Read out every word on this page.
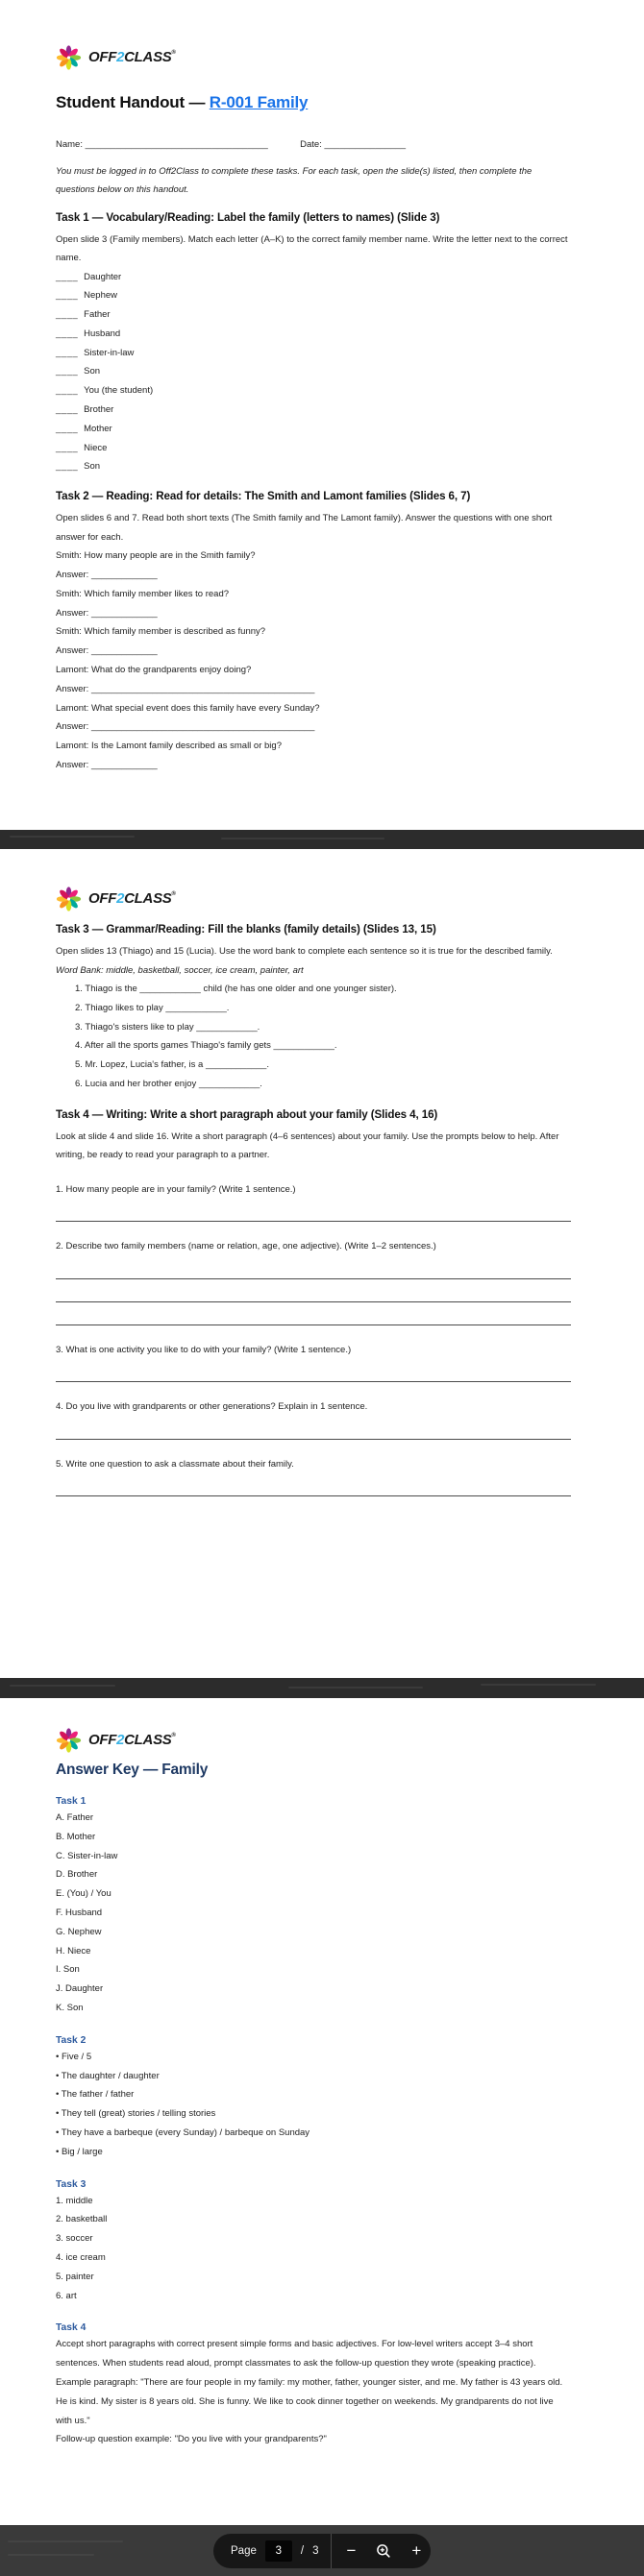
OFF2CLASS®
Student Handout — R-001 Family
Name: ____________________________________	Date: ________________

You must be logged in to Off2Class to complete these tasks. For each task, open the slide(s) listed, then complete the questions below on this handout.

Task 1 — Vocabulary/Reading: Label the family (letters to names) (Slide 3)

Open slide 3 (Family members). Match each letter (A–K) to the correct family member name. Write the letter next to the correct name.

____ Daughter
____ Nephew
____ Father
____ Husband
____ Sister-in-law
____ Son
____ You (the student)
____ Brother
____ Mother
____ Niece
____ Son
Task 2 — Reading: Read for details: The Smith and Lamont families (Slides 6, 7)

Open slides 6 and 7. Read both short texts (The Smith family and The Lamont family). Answer the questions with one short answer for each.

Smith: How many people are in the Smith family?
Answer: _____________
Smith: Which family member likes to read?
Answer: _____________
Smith: Which family member is described as funny?
Answer: _____________
Lamont: What do the grandparents enjoy doing?
Answer: ____________________________________________
Lamont: What special event does this family have every Sunday?
Answer: ____________________________________________
Lamont: Is the Lamont family described as small or big?
Answer: _____________
OFF2CLASS®
Task 3 — Grammar/Reading: Fill the blanks (family details) (Slides 13, 15)

Open slides 13 (Thiago) and 15 (Lucia). Use the word bank to complete each sentence so it is true for the described family.

Word Bank: middle, basketball, soccer, ice cream, painter, art

1. Thiago is the ____________ child (he has one older and one younger sister).
2. Thiago likes to play ____________.
3. Thiago's sisters like to play ____________.
4. After all the sports games Thiago's family gets ____________.
5. Mr. Lopez, Lucia's father, is a ____________.
6. Lucia and her brother enjoy ____________.
Task 4 — Writing: Write a short paragraph about your family (Slides 4, 16)

Look at slide 4 and slide 16. Write a short paragraph (4–6 sentences) about your family. Use the prompts below to help. After writing, be ready to read your paragraph to a partner.

1. How many people are in your family? (Write 1 sentence.)
2. Describe two family members (name or relation, age, one adjective). (Write 1–2 sentences.)
3. What is one activity you like to do with your family? (Write 1 sentence.)
4. Do you live with grandparents or other generations? Explain in 1 sentence.
5. Write one question to ask a classmate about their family.
OFF2CLASS®
Answer Key — Family
Task 1
A. Father
B. Mother
C. Sister-in-law
D. Brother
E. (You) / You
F. Husband
G. Nephew
H. Niece
I. Son
J. Daughter
K. Son
Task 2
• Five / 5
• The daughter / daughter
• The father / father
• They tell (great) stories / telling stories
• They have a barbeque (every Sunday) / barbeque on Sunday
• Big / large
Task 3
1. middle
2. basketball
3. soccer
4. ice cream
5. painter
6. art
Task 4
Accept short paragraphs with correct present simple forms and basic adjectives. For low-level writers accept 3–4 short sentences. When students read aloud, prompt classmates to ask the follow-up question they wrote (speaking practice).
Example paragraph: "There are four people in my family: my mother, father, younger sister, and me. My father is 43 years old. He is kind. My sister is 8 years old. She is funny. We like to cook dinner together on weekends. My grandparents do not live with us."
Follow-up question example: "Do you live with your grandparents?"
Page	3	/ 3 −	+
